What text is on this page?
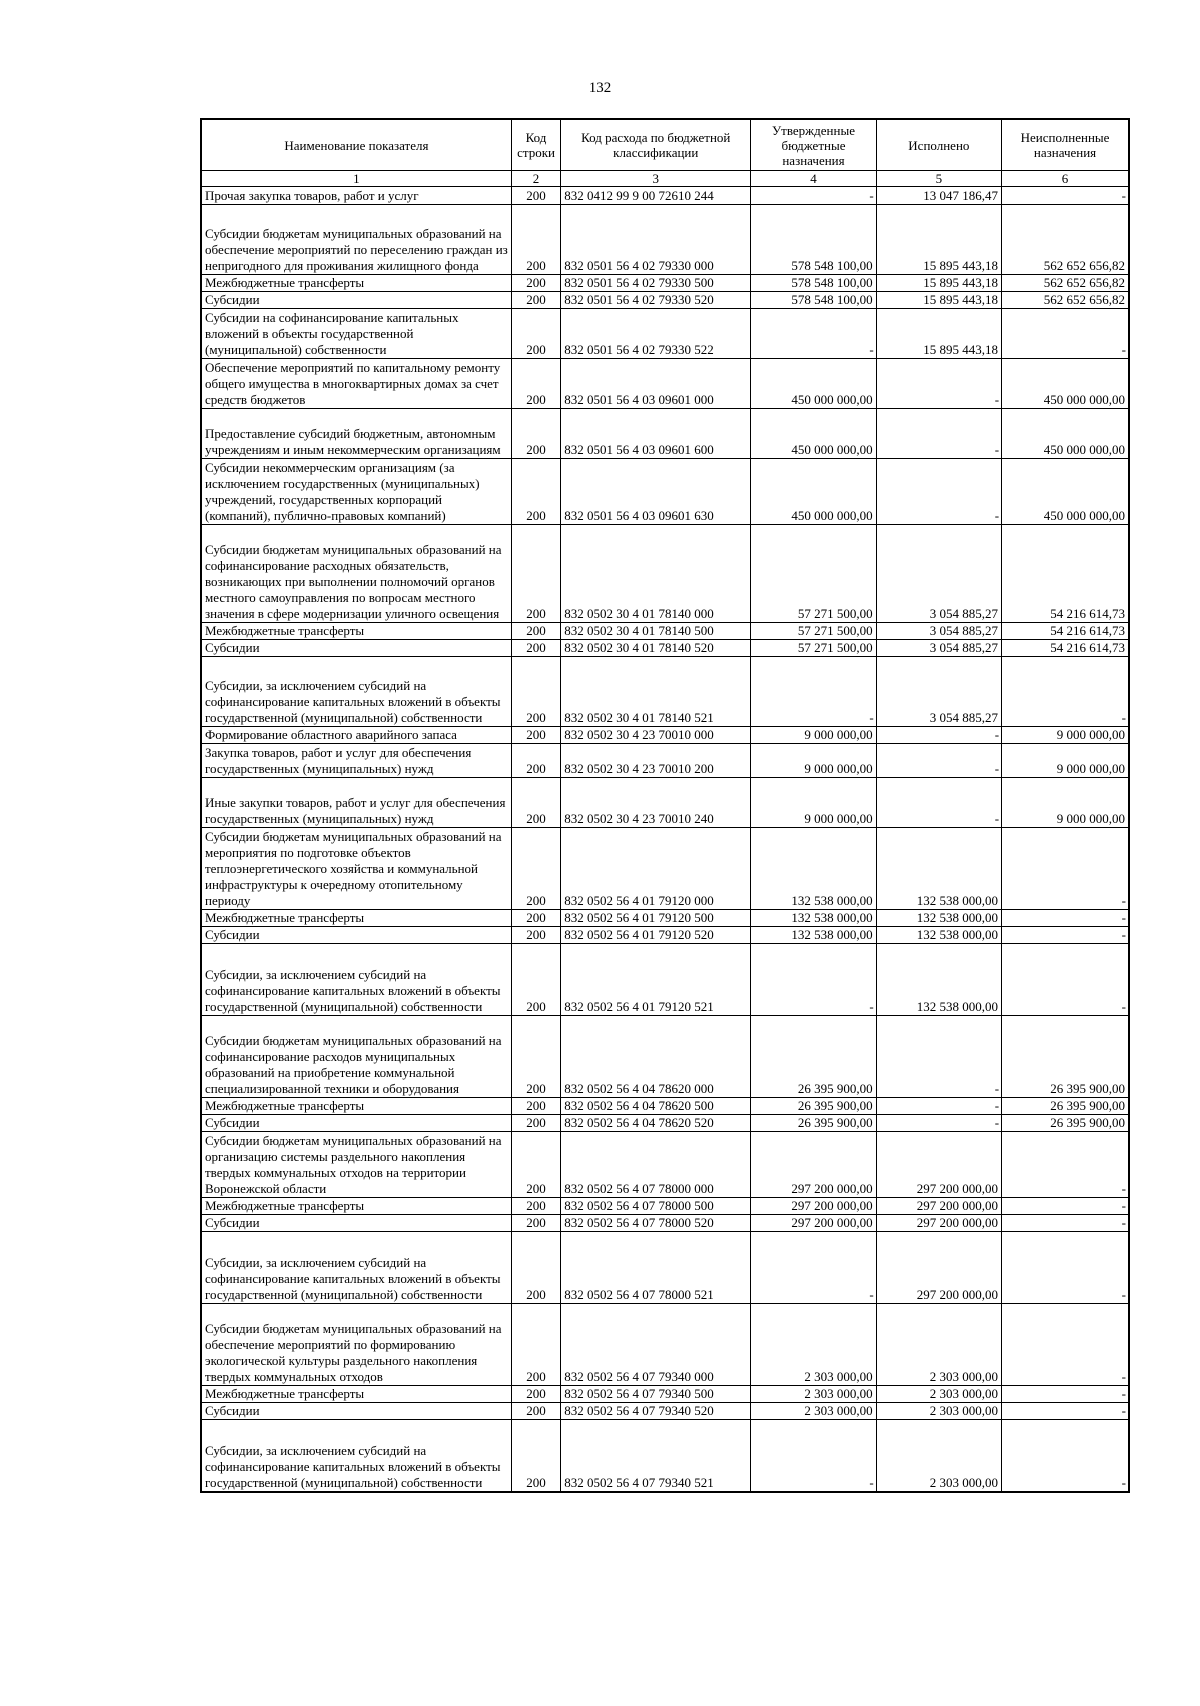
132
Наименование показателя	Код строки	Код расхода по бюджетной классификации	Утвержденные бюджетные назначения	Исполнено	Неисполненные назначения
1	2	3	4	5	6
Прочая закупка товаров, работ и услуг	200	832 0412 99 9 00 72610 244	-	13 047 186,47	-
Субсидии бюджетам муниципальных образований на обеспечение мероприятий по переселению граждан из непригодного для проживания жилищного фонда	200	832 0501 56 4 02 79330 000	578 548 100,00	15 895 443,18	562 652 656,82
Межбюджетные трансферты	200	832 0501 56 4 02 79330 500	578 548 100,00	15 895 443,18	562 652 656,82
Субсидии	200	832 0501 56 4 02 79330 520	578 548 100,00	15 895 443,18	562 652 656,82
Субсидии на софинансирование капитальных вложений в объекты государственной (муниципальной) собственности	200	832 0501 56 4 02 79330 522	-	15 895 443,18	-
Обеспечение мероприятий по капитальному ремонту общего имущества в многоквартирных домах за счет средств бюджетов	200	832 0501 56 4 03 09601 000	450 000 000,00	-	450 000 000,00
Предоставление субсидий бюджетным, автономным учреждениям и иным некоммерческим организациям	200	832 0501 56 4 03 09601 600	450 000 000,00	-	450 000 000,00
Субсидии некоммерческим организациям (за исключением государственных (муниципальных) учреждений, государственных корпораций (компаний), публично-правовых компаний)	200	832 0501 56 4 03 09601 630	450 000 000,00	-	450 000 000,00
Субсидии бюджетам муниципальных образований на софинансирование расходных обязательств, возникающих при выполнении полномочий органов местного самоуправления по вопросам местного значения в сфере модернизации уличного освещения	200	832 0502 30 4 01 78140 000	57 271 500,00	3 054 885,27	54 216 614,73
Межбюджетные трансферты	200	832 0502 30 4 01 78140 500	57 271 500,00	3 054 885,27	54 216 614,73
Субсидии	200	832 0502 30 4 01 78140 520	57 271 500,00	3 054 885,27	54 216 614,73
Субсидии, за исключением субсидий на софинансирование капитальных вложений в объекты государственной (муниципальной) собственности	200	832 0502 30 4 01 78140 521	-	3 054 885,27	-
Формирование областного аварийного запаса	200	832 0502 30 4 23 70010 000	9 000 000,00	-	9 000 000,00
Закупка товаров, работ и услуг для обеспечения государственных (муниципальных) нужд	200	832 0502 30 4 23 70010 200	9 000 000,00	-	9 000 000,00
Иные закупки товаров, работ и услуг для обеспечения государственных (муниципальных) нужд	200	832 0502 30 4 23 70010 240	9 000 000,00	-	9 000 000,00
Субсидии бюджетам муниципальных образований на мероприятия по подготовке объектов теплоэнергетического хозяйства и коммунальной инфраструктуры к очередному отопительному периоду	200	832 0502 56 4 01 79120 000	132 538 000,00	132 538 000,00	-
Межбюджетные трансферты	200	832 0502 56 4 01 79120 500	132 538 000,00	132 538 000,00	-
Субсидии	200	832 0502 56 4 01 79120 520	132 538 000,00	132 538 000,00	-
Субсидии, за исключением субсидий на софинансирование капитальных вложений в объекты государственной (муниципальной) собственности	200	832 0502 56 4 01 79120 521	-	132 538 000,00	-
Субсидии бюджетам муниципальных образований на софинансирование расходов муниципальных образований на приобретение коммунальной специализированной техники и оборудования	200	832 0502 56 4 04 78620 000	26 395 900,00	-	26 395 900,00
Межбюджетные трансферты	200	832 0502 56 4 04 78620 500	26 395 900,00	-	26 395 900,00
Субсидии	200	832 0502 56 4 04 78620 520	26 395 900,00	-	26 395 900,00
Субсидии бюджетам муниципальных образований на организацию системы раздельного накопления твердых коммунальных отходов на территории Воронежской области	200	832 0502 56 4 07 78000 000	297 200 000,00	297 200 000,00	-
Межбюджетные трансферты	200	832 0502 56 4 07 78000 500	297 200 000,00	297 200 000,00	-
Субсидии	200	832 0502 56 4 07 78000 520	297 200 000,00	297 200 000,00	-
Субсидии, за исключением субсидий на софинансирование капитальных вложений в объекты государственной (муниципальной) собственности	200	832 0502 56 4 07 78000 521	-	297 200 000,00	-
Субсидии бюджетам муниципальных образований на обеспечение мероприятий по формированию экологической культуры раздельного накопления твердых коммунальных отходов	200	832 0502 56 4 07 79340 000	2 303 000,00	2 303 000,00	-
Межбюджетные трансферты	200	832 0502 56 4 07 79340 500	2 303 000,00	2 303 000,00	-
Субсидии	200	832 0502 56 4 07 79340 520	2 303 000,00	2 303 000,00	-
Субсидии, за исключением субсидий на софинансирование капитальных вложений в объекты государственной (муниципальной) собственности	200	832 0502 56 4 07 79340 521	-	2 303 000,00	-
